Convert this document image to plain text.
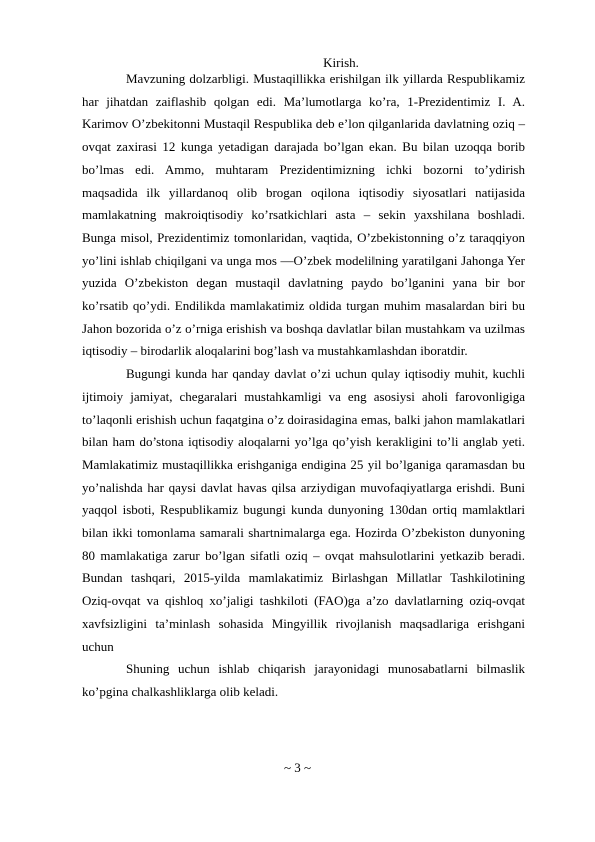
Kirish.

Mavzuning dolzarbligi. Mustaqillikka erishilgan ilk yillarda Respublikamiz har jihatdan zaiflashib qolgan edi. Ma’lumotlarga ko’ra, 1-Prezidentimiz I. A. Karimov O’zbekitonni Mustaqil Respublika deb e’lon qilganlarida davlatning oziq – ovqat zaxirasi 12 kunga yetadigan darajada bo’lgan ekan. Bu bilan uzoqqa borib bo’lmas edi. Ammo, muhtaram Prezidentimizning ichki bozorni to’ydirish maqsadida ilk yillardanoq olib brogan oqilona iqtisodiy siyosatlari natijasida mamlakatning makroiqtisodiy ko’rsatkichlari asta – sekin yaxshilana boshladi. Bunga misol, Prezidentimiz tomonlaridan, vaqtida, O’zbekistonning o’z taraqqiyon yo’lini ishlab chiqilgani va unga mos ―O’zbek modeli‖ning yaratilgani Jahonga Yer yuzida O’zbekiston degan mustaqil davlatning paydo bo’lganini yana bir bor ko’rsatib qo’ydi. Endilikda mamlakatimiz oldida turgan muhim masalardan biri bu Jahon bozorida o’z o’rniga erishish va boshqa davlatlar bilan mustahkam va uzilmas iqtisodiy – birodarlik aloqalarini bog’lash va mustahkamlashdan iboratdir.

Bugungi kunda har qanday davlat o’zi uchun qulay iqtisodiy muhit, kuchli ijtimoiy jamiyat, chegaralari mustahkamligi va eng asosiysi aholi farovonligiga to’laqonli erishish uchun faqatgina o’z doirasidagina emas, balki jahon mamlakatlari bilan ham do’stona iqtisodiy aloqalarni yo’lga qo’yish kerakligini to’li anglab yeti. Mamlakatimiz mustaqillikka erishganiga endigina 25 yil bo’lganiga qaramasdan bu yo’nalishda har qaysi davlat havas qilsa arziydigan muvofaqiyatlarga erishdi. Buni yaqqol isboti, Respublikamiz bugungi kunda dunyoning 130dan ortiq mamlaktlari bilan ikki tomonlama samarali shartnimalarga ega. Hozirda O’zbekiston dunyoning 80 mamlakatiga zarur bo’lgan sifatli oziq – ovqat mahsulotlarini yetkazib beradi. Bundan tashqari, 2015-yilda mamlakatimiz Birlashgan Millatlar Tashkilotining Oziq-ovqat va qishloq xo’jaligi tashkiloti (FAO)ga a’zo davlatlarning oziq-ovqat xavfsizligini ta’minlash sohasida Mingyillik rivojlanish maqsadlariga erishgani uchun

Shuning uchun ishlab chiqarish jarayonidagi munosabatlarni bilmaslik ko’pgina chalkashliklarga olib keladi.

~ 3 ~
